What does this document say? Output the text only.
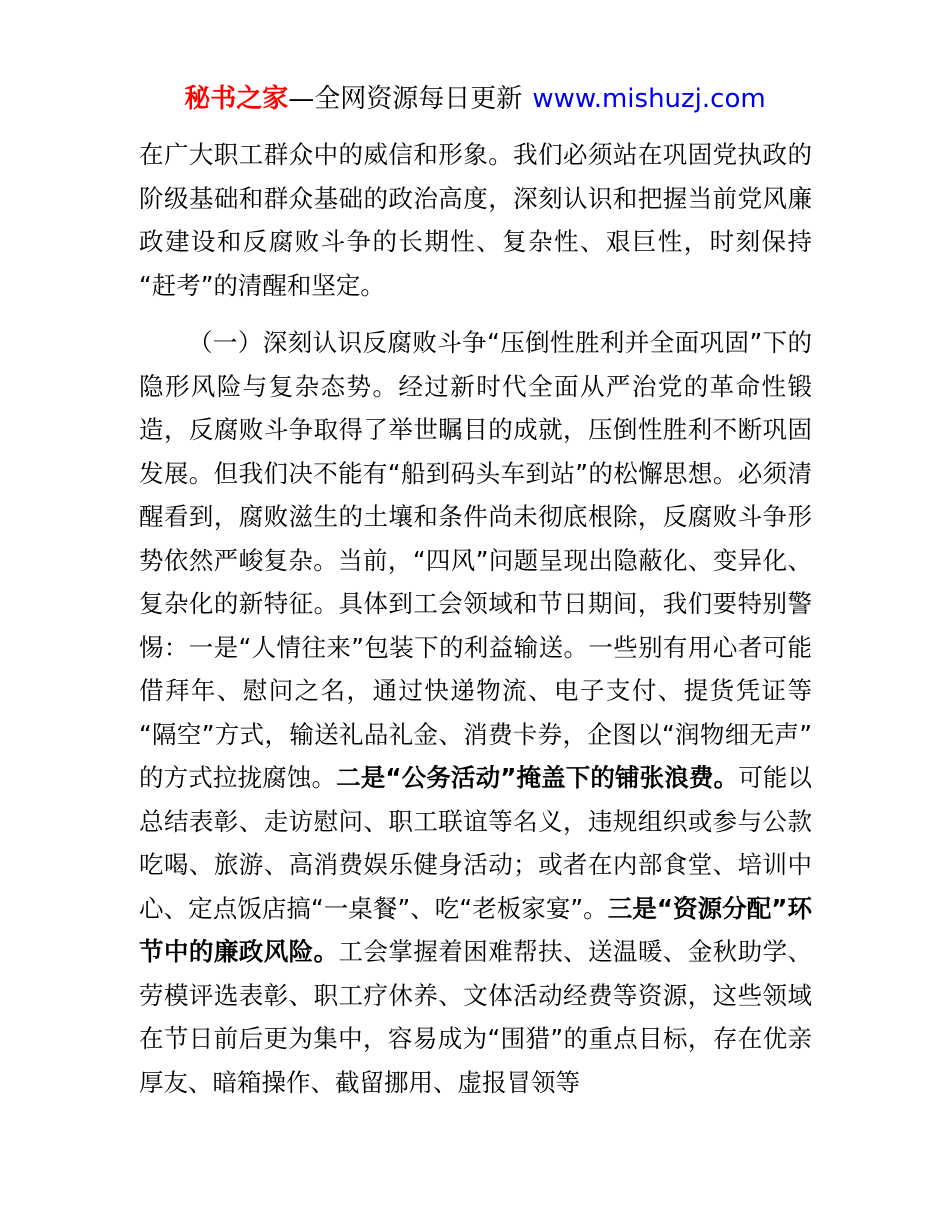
秘书之家—全网资源每日更新 www.mishuzj.com

在广大职工群众中的威信和形象。我们必须站在巩固党执政的阶级基础和群众基础的政治高度，深刻认识和把握当前党风廉政建设和反腐败斗争的长期性、复杂性、艰巨性，时刻保持“赶考”的清醒和坚定。

（一）深刻认识反腐败斗争“压倒性胜利并全面巩固”下的隐形风险与复杂态势。经过新时代全面从严治党的革命性锻造，反腐败斗争取得了举世瞩目的成就，压倒性胜利不断巩固发展。但我们决不能有“船到码头车到站”的松懈思想。必须清醒看到，腐败滋生的土壤和条件尚未彻底根除，反腐败斗争形势依然严峻复杂。当前，“四风”问题呈现出隐蔽化、变异化、复杂化的新特征。具体到工会领域和节日期间，我们要特别警惕：一是“人情往来”包装下的利益输送。一些别有用心者可能借拜年、慰问之名，通过快递物流、电子支付、提货凭证等“隔空”方式，输送礼品礼金、消费卡券，企图以“润物细无声”的方式拉拢腐蚀。二是“公务活动”掩盖下的铺张浪费。可能以总结表彰、走访慰问、职工联谊等名义，违规组织或参与公款吃喝、旅游、高消费娱乐健身活动；或者在内部食堂、培训中心、定点饭店搞“一桌餐”、吃“老板家宴”。三是“资源分配”环节中的廉政风险。工会掌握着困难帮扶、送温暖、金秋助学、劳模评选表彰、职工疗休养、文体活动经费等资源，这些领域在节日前后更为集中，容易成为“围猎”的重点目标，存在优亲厚友、暗箱操作、截留挪用、虚报冒领等
